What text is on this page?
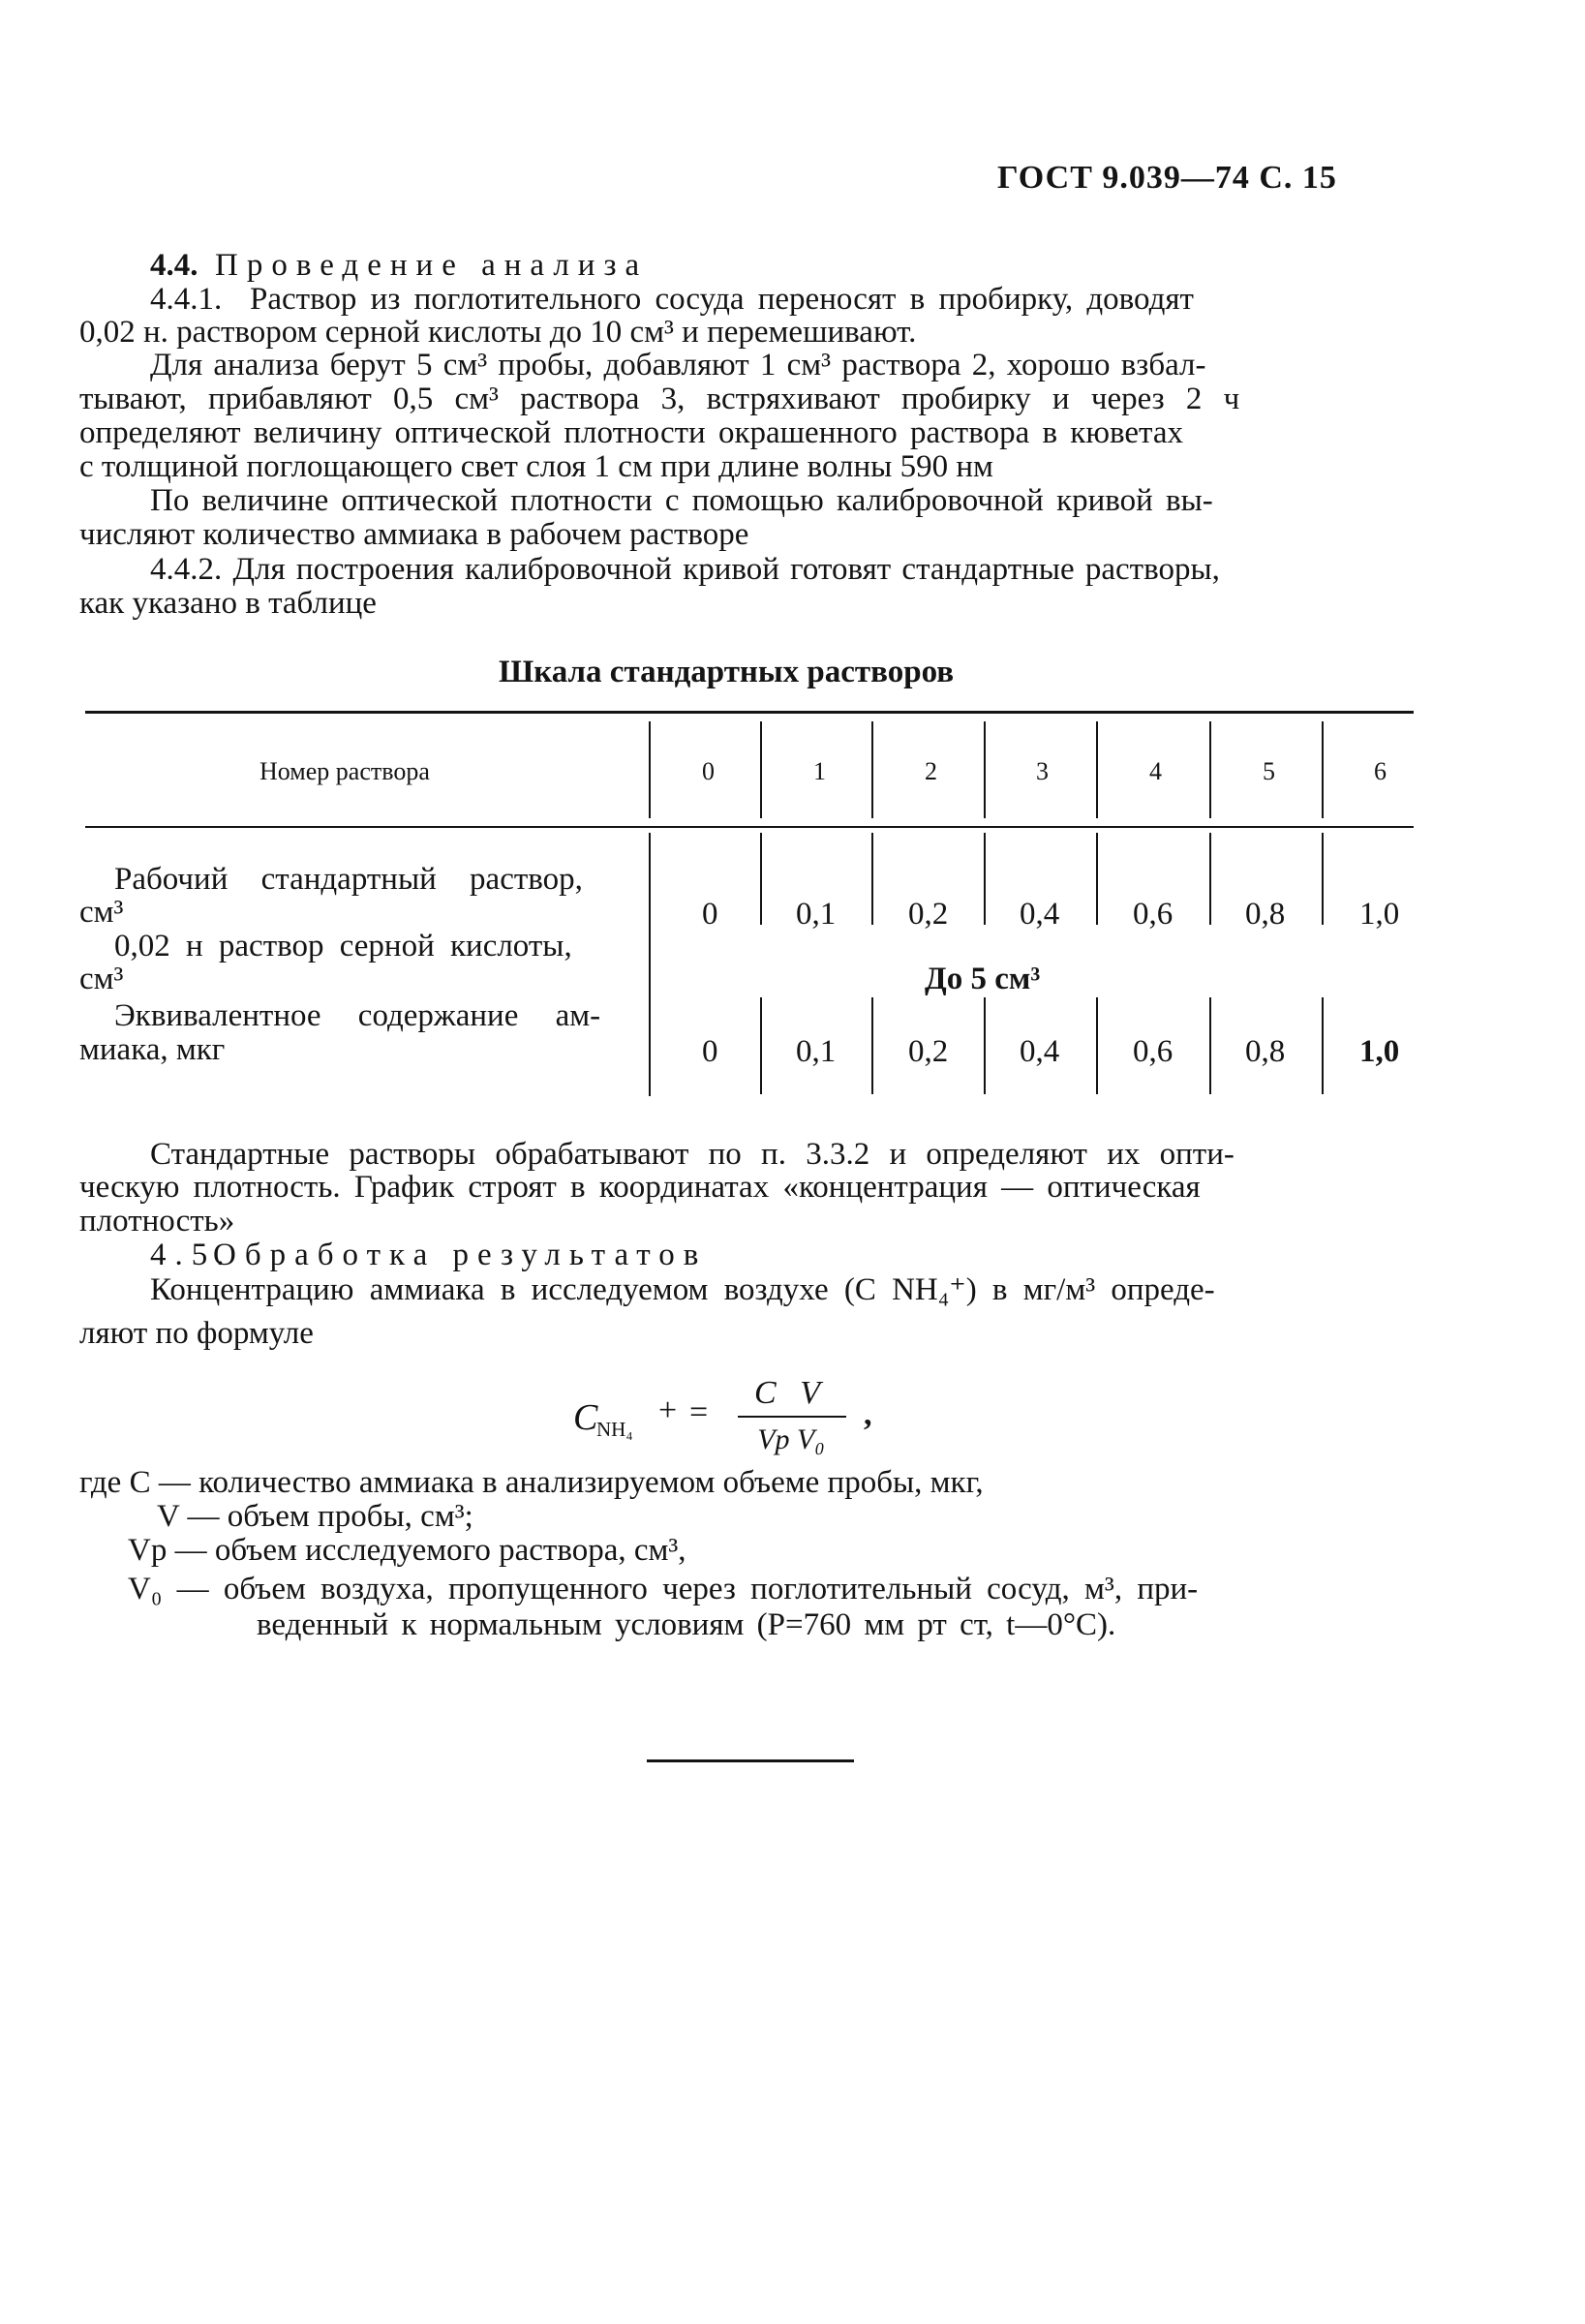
ГОСТ 9.039—74 С. 15
4.4. Проведение анализа
4.4.1. Раствор из поглотительного сосуда переносят в пробирку, доводят
0,02 н. раствором серной кислоты до 10 см³ и перемешивают.
Для анализа берут 5 см³ пробы, добавляют 1 см³ раствора 2, хорошо взбал-
тывают, прибавляют 0,5 см³ раствора 3, встряхивают пробирку и через 2 ч
определяют величину оптической плотности окрашенного раствора в кюветах
с толщиной поглощающего свет слоя 1 см при длине волны 590 нм
По величине оптической плотности с помощью калибровочной кривой вы-
числяют количество аммиака в рабочем растворе
4.4.2. Для построения калибровочной кривой готовят стандартные растворы,
как указано в таблице
Шкала стандартных растворов
Номер раствора	0	1	2	3	4	5	6
Рабочий стандартный раствор,
см³	0 0,1 0,2 0,4 0,6 0,8 1,0
0,02 н раствор серной кислоты,
см³	До 5 см³
Эквивалентное содержание ам-
миака, мкг	0 0,1 0,2 0,4 0,6 0,8 1,0
Стандартные растворы обрабатывают по п. 3.3.2 и определяют их опти-
ческую плотность. График строят в координатах «концентрация — оптическая
плотность»
4.5.
Обработка результатов
Концентрацию аммиака в исследуемом воздухе (C NH₄⁺) в мг/м³ опреде-
ляют по формуле
C
NH₄
+ =
C V
Vр V₀
,
где C — количество аммиака в анализируемом объеме пробы, мкг,
V — объем пробы, см³;
Vр — объем исследуемого раствора, см³,
V₀ — объем воздуха, пропущенного через поглотительный сосуд, м³, при-
веденный к нормальным условиям (P=760 мм рт ст, t—0°C).
